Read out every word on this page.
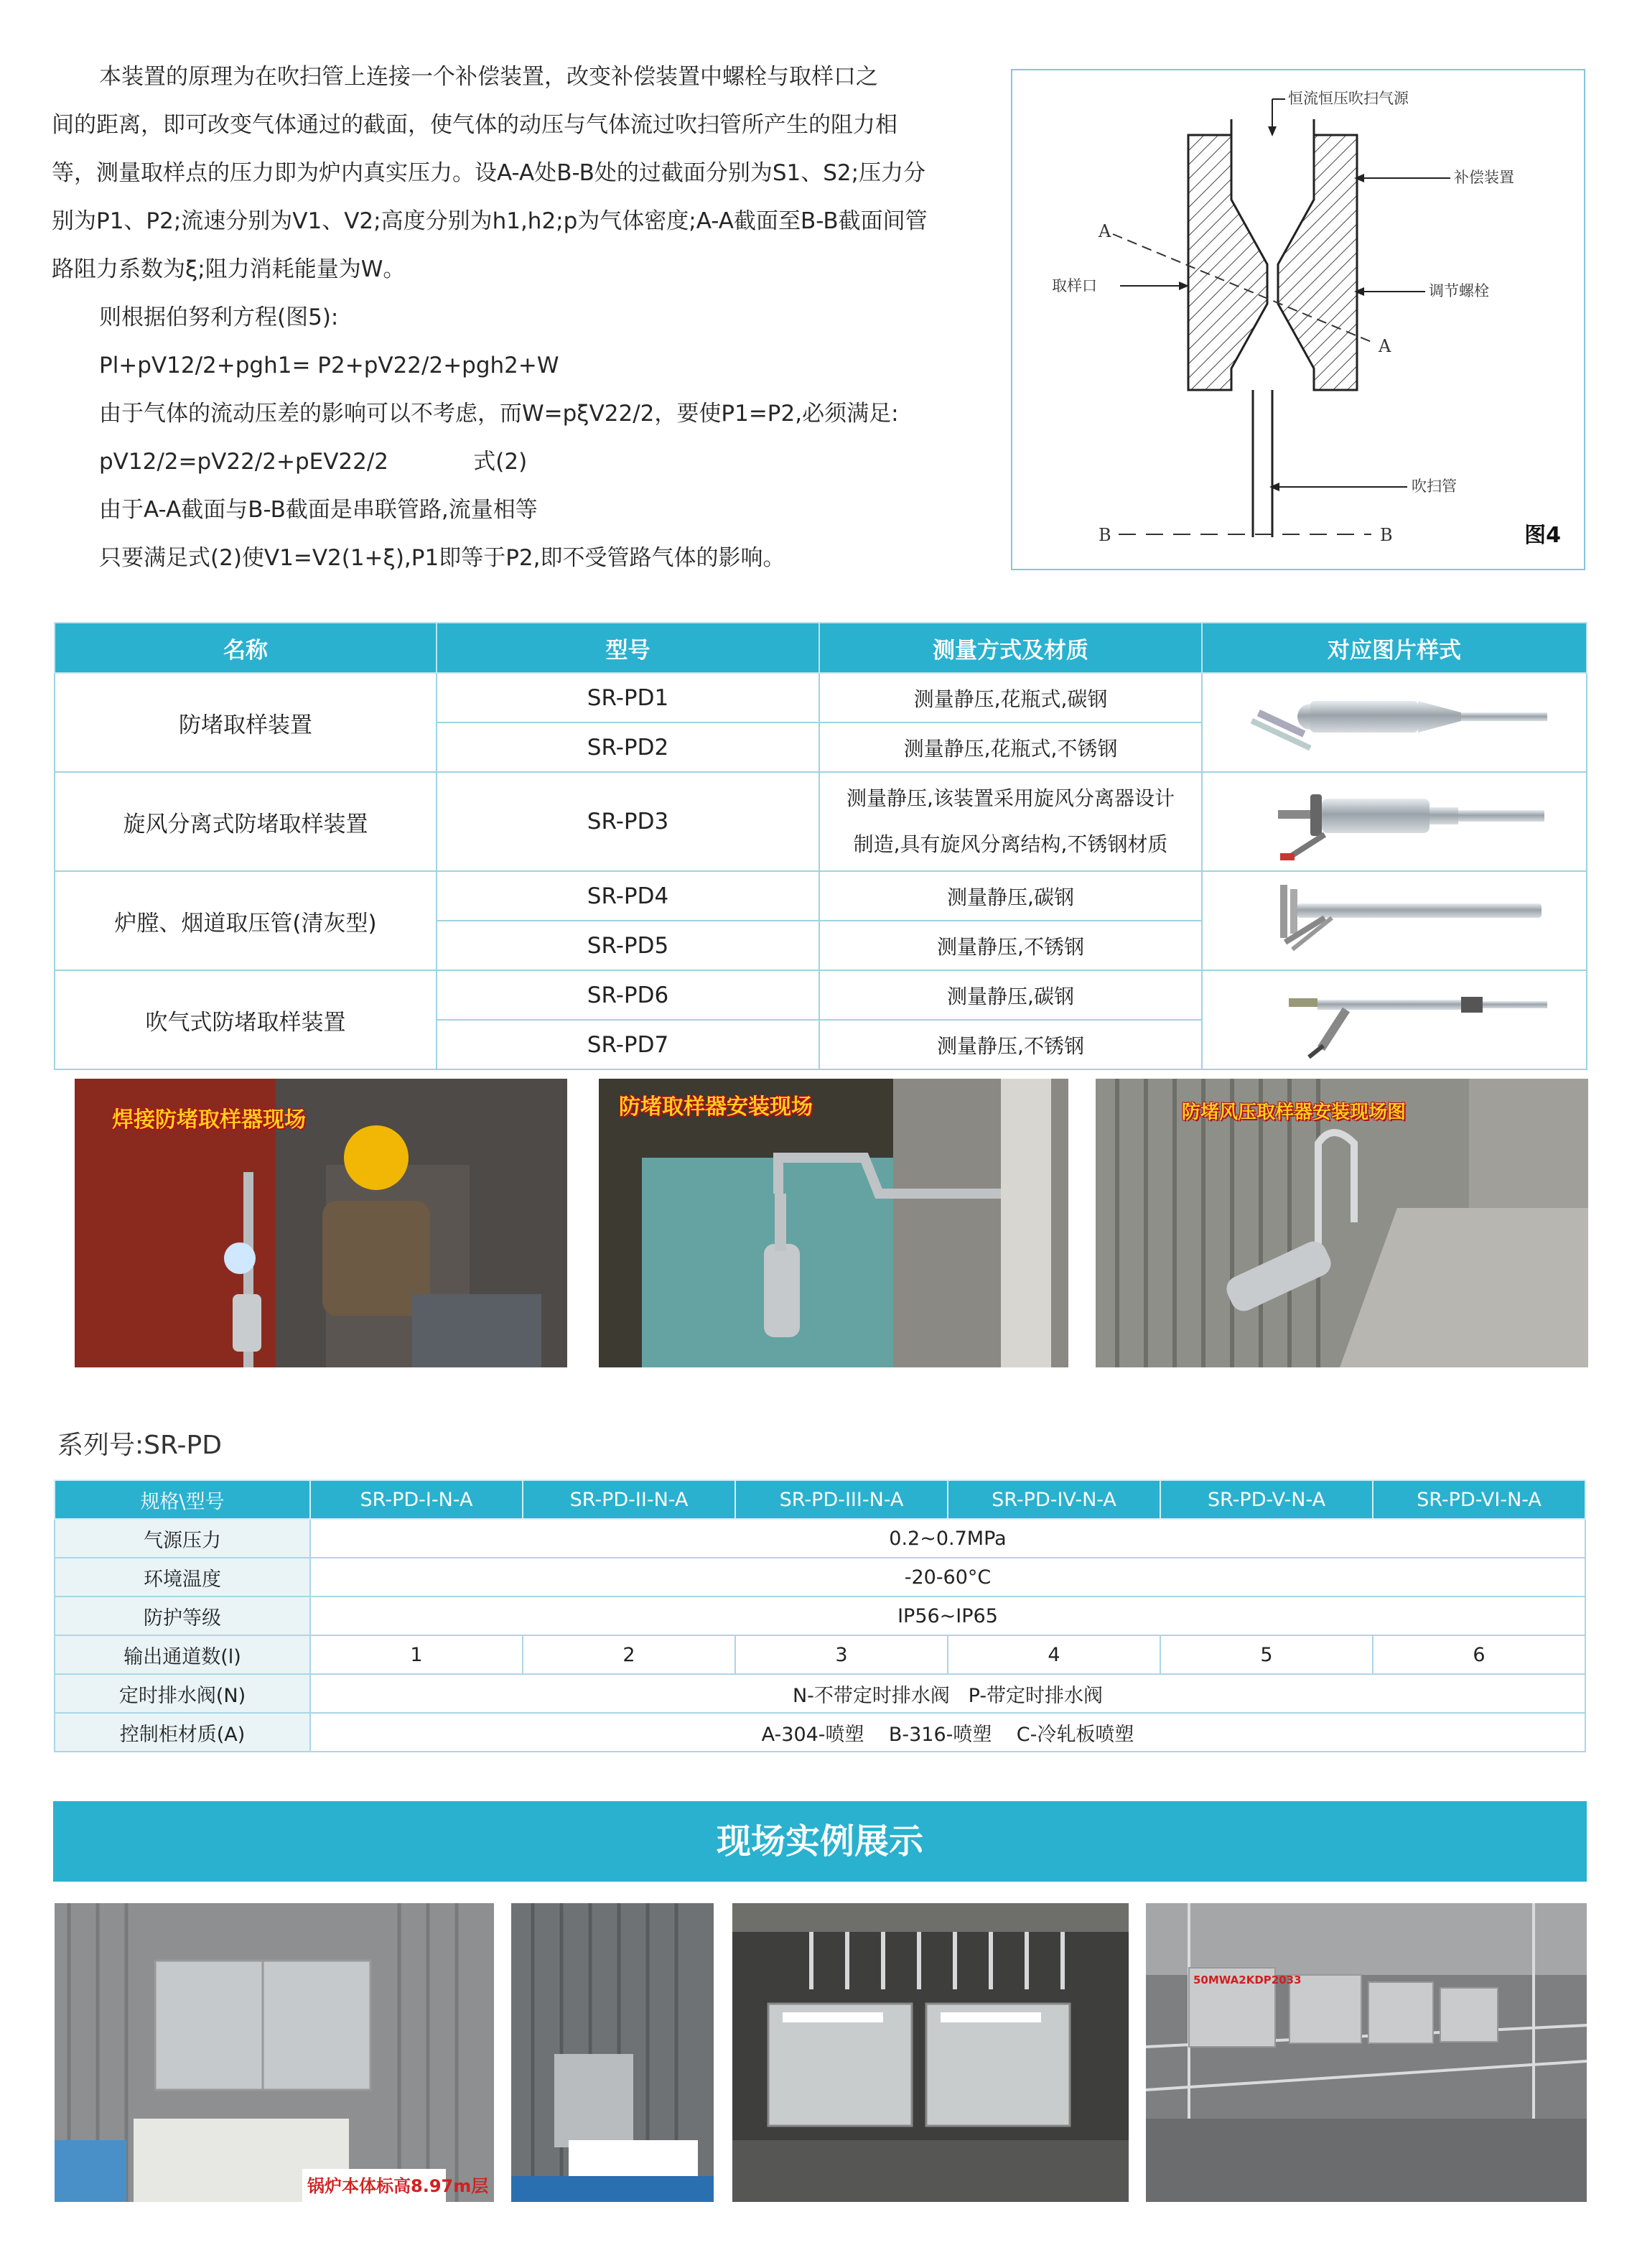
本装置的原理为在吹扫管上连接一个补偿装置，改变补偿装置中螺栓与取样口之

间的距离，即可改变气体通过的截面，使气体的动压与气体流过吹扫管所产生的阻力相

等，测量取样点的压力即为炉内真实压力。设A-A处B-B处的过截面分别为S1、S2;压力分

别为P1、P2;流速分别为V1、V2;高度分别为h1,h2;p为气体密度;A-A截面至B-B截面间管

路阻力系数为ξ;阻力消耗能量为W。

则根据伯努利方程(图5):

Pl+pV12/2+pgh1= P2+pV22/2+pgh2+W

由于气体的流动压差的影响可以不考虑，而W=pξV22/2，要使P1=P2,必须满足:

pV12/2=pV22/2+pEV22/2            式(2)

由于A-A截面与B-B截面是串联管路,流量相等

只要满足式(2)使V1=V2(1+ξ),P1即等于P2,即不受管路气体的影响。

恒流恒压吹扫气源
补偿装置
取样口	调节螺栓
A
A
吹扫管
B	B	图4
名称	型号	测量方式及材质	对应图片样式
防堵取样装置	SR-PD1	测量静压,花瓶式,碳钢	
	SR-PD2	测量静压,花瓶式,不锈钢	
旋风分离式防堵取样装置	SR-PD3	测量静压,该装置采用旋风分离器设计
制造,具有旋风分离结构,不锈钢材质

炉膛、烟道取压管(清灰型)	SR-PD4	测量静压,碳钢	
	SR-PD5	测量静压,不锈钢	
吹气式防堵取样装置	SR-PD6	测量静压,碳钢	
	SR-PD7	测量静压,不锈钢	
焊接防堵取样器现场
防堵取样器安装现场	防堵风压取样器安装现场图
系列号:SR-PD
规格\型号	SR-PD-I-N-A	SR-PD-II-N-A	SR-PD-III-N-A	SR-PD-IV-N-A	SR-PD-V-N-A	SR-PD-VI-N-A
气源压力	0.2~0.7MPa					
环境温度	-20-60°C					
防护等级	IP56~IP65					
输出通道数(l)	1	2	3	4	5	6
定时排水阀(N)	N-不带定时排水阀   P-带定时排水阀					
控制柜材质(A)	A-304-喷塑    B-316-喷塑    C-冷轧板喷塑					
现场实例展示
锅炉本体标高8.97m层
50MWA2KDP2033
